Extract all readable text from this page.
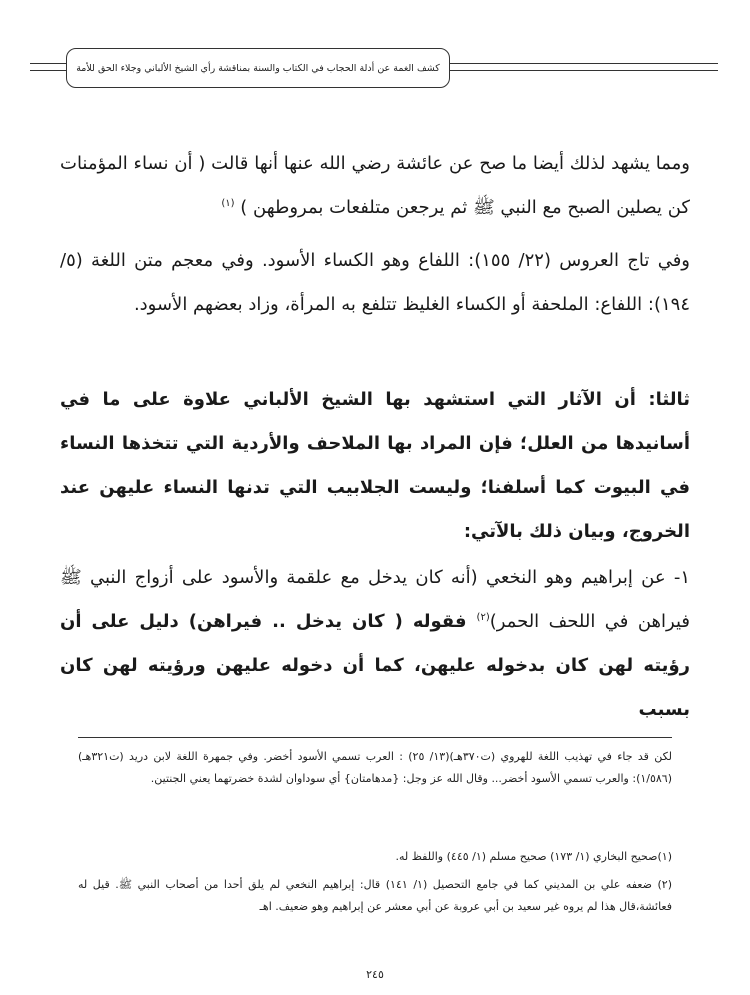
كشف الغمة عن أدلة الحجاب في الكتاب والسنة بمناقشة رأي الشيخ الألباني وجلاء الحق للأمة

ومما يشهد لذلك أيضا ما صح عن عائشة رضي الله عنها أنها قالت ( أن نساء المؤمنات كن يصلين الصبح مع النبي ﷺ ثم يرجعن متلفعات بمروطهن ) $^{(١)}$

وفي تاج العروس (٢٢/ ١٥٥): اللفاع وهو الكساء الأسود. وفي معجم متن اللغة (٥/ ١٩٤): اللفاع: الملحفة أو الكساء الغليظ تتلفع به المرأة، وزاد بعضهم الأسود.

ثالثا: أن الآثار التي استشهد بها الشيخ الألباني علاوة على ما في أسانيدها من العلل؛ فإن المراد بها الملاحف والأردية التي تتخذها النساء في البيوت كما أسلفنا؛ وليست الجلابيب التي تدنها النساء عليهن عند الخروج، وبيان ذلك بالآتي:

١- عن إبراهيم وهو النخعي (أنه كان يدخل مع علقمة والأسود على أزواج النبي ﷺ فيراهن في اللحف الحمر)$^{(٢)}$ فقوله ( كان يدخل .. فيراهن) دليل على أن رؤيته لهن كان بدخوله عليهن، كما أن دخوله عليهن ورؤيته لهن كان بسبب

لكن قد جاء في تهذيب اللغة للهروي (ت٣٧٠هـ)(١٣/ ٢٥) : العرب تسمي الأسود أخضر. وفي جمهرة اللغة لابن دريد (ت٣٢١هـ)(١/٥٨٦): والعرب تسمي الأسود أخضر... وقال الله عز وجل: {مدهامتان} أي سوداوان لشدة خضرتهما يعني الجنتين.

(١)صحيح البخاري (١/ ١٧٣) صحيح مسلم (١/ ٤٤٥) واللفظ له.

(٢) ضعفه علي بن المديني كما في جامع التحصيل (١/ ١٤١) قال: إبراهيم النخعي لم يلق أحدا من أصحاب النبي ﷺ. قيل له فعائشة،قال هذا لم يروه غير سعيد بن أبي عروبة عن أبي معشر عن إبراهيم وهو ضعيف. اهـ

٢٤٥
